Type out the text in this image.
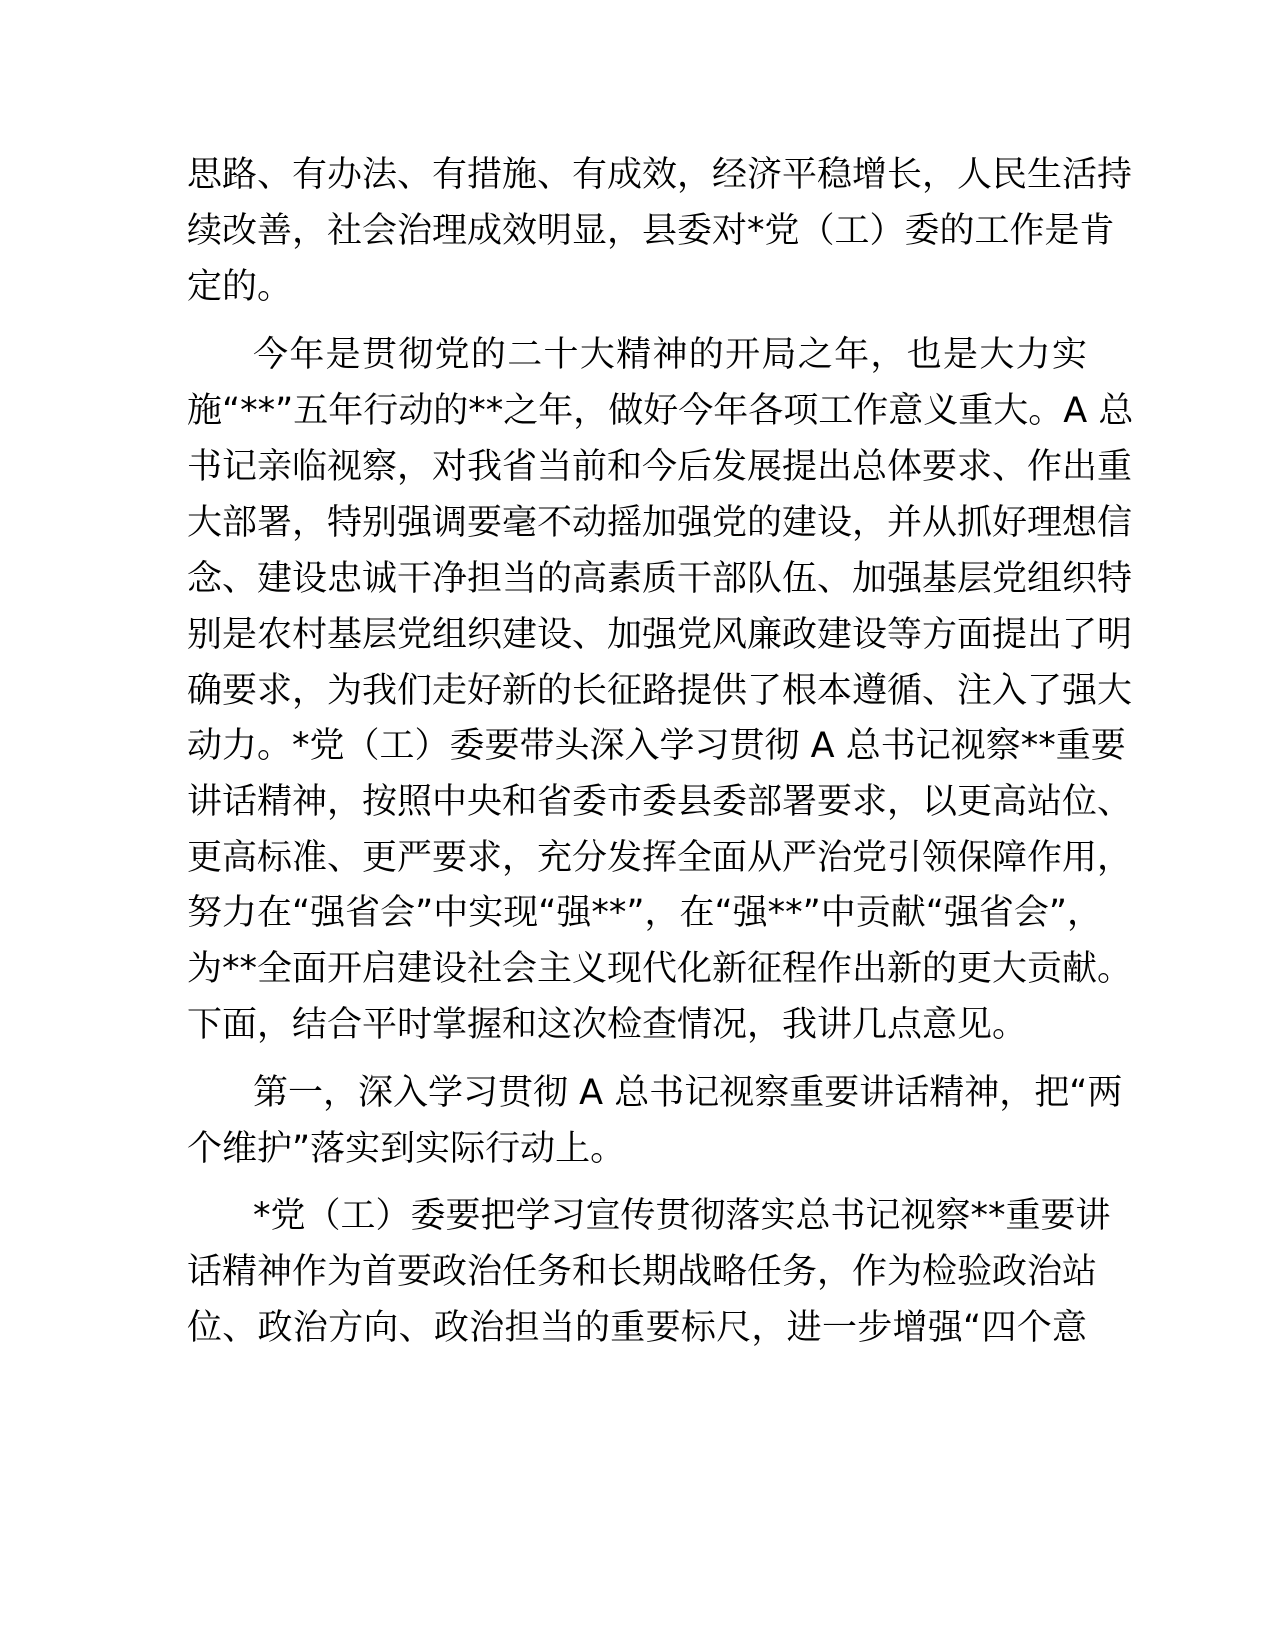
思路、有办法、有措施、有成效，经济平稳增长，人民生活持
续改善，社会治理成效明显，县委对*党（工）委的工作是肯
定的。
今年是贯彻党的二十大精神的开局之年，也是大力实
施“**”五年行动的**之年，做好今年各项工作意义重大。A 总
书记亲临视察，对我省当前和今后发展提出总体要求、作出重
大部署，特别强调要毫不动摇加强党的建设，并从抓好理想信
念、建设忠诚干净担当的高素质干部队伍、加强基层党组织特
别是农村基层党组织建设、加强党风廉政建设等方面提出了明
确要求，为我们走好新的长征路提供了根本遵循、注入了强大
动力。*党（工）委要带头深入学习贯彻 A 总书记视察**重要
讲话精神，按照中央和省委市委县委部署要求，以更高站位、
更高标准、更严要求，充分发挥全面从严治党引领保障作用，
努力在“强省会”中实现“强**”，在“强**”中贡献“强省会”，
为**全面开启建设社会主义现代化新征程作出新的更大贡献。
下面，结合平时掌握和这次检查情况，我讲几点意见。
第一，深入学习贯彻 A 总书记视察重要讲话精神，把“两
个维护”落实到实际行动上。
*党（工）委要把学习宣传贯彻落实总书记视察**重要讲
话精神作为首要政治任务和长期战略任务，作为检验政治站
位、政治方向、政治担当的重要标尺，进一步增强“四个意
